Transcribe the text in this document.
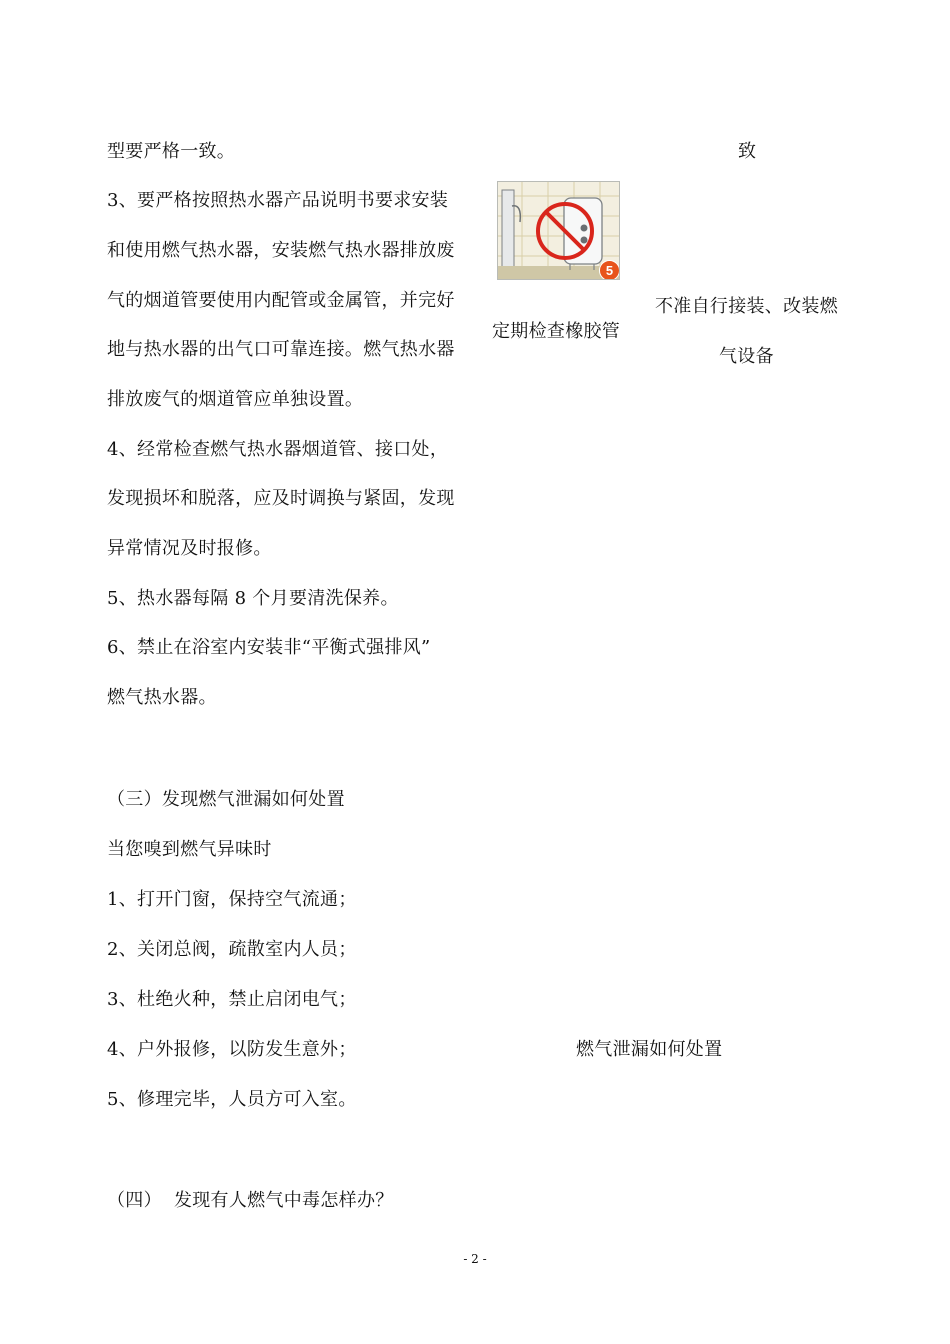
型要严格一致。
3、要严格按照热水器产品说明书要求安装
和使用燃气热水器，安装燃气热水器排放废
气的烟道管要使用内配管或金属管，并完好
地与热水器的出气口可靠连接。燃气热水器
排放废气的烟道管应单独设置。
4、经常检查燃气热水器烟道管、接口处，
发现损坏和脱落，应及时调换与紧固，发现
异常情况及时报修。
5、热水器每隔 8 个月要清洗保养。
6、禁止在浴室内安装非“平衡式强排风”
燃气热水器。
致
5
定期检查橡胶管
不准自行接装、改装燃
气设备
（三）发现燃气泄漏如何处置
当您嗅到燃气异味时
1、打开门窗，保持空气流通；
2、关闭总阀，疏散室内人员；
3、杜绝火种，禁止启闭电气；
4、户外报修，以防发生意外；
5、修理完毕，人员方可入室。
燃气泄漏如何处置
（四）  发现有人燃气中毒怎样办？
- 2 -
